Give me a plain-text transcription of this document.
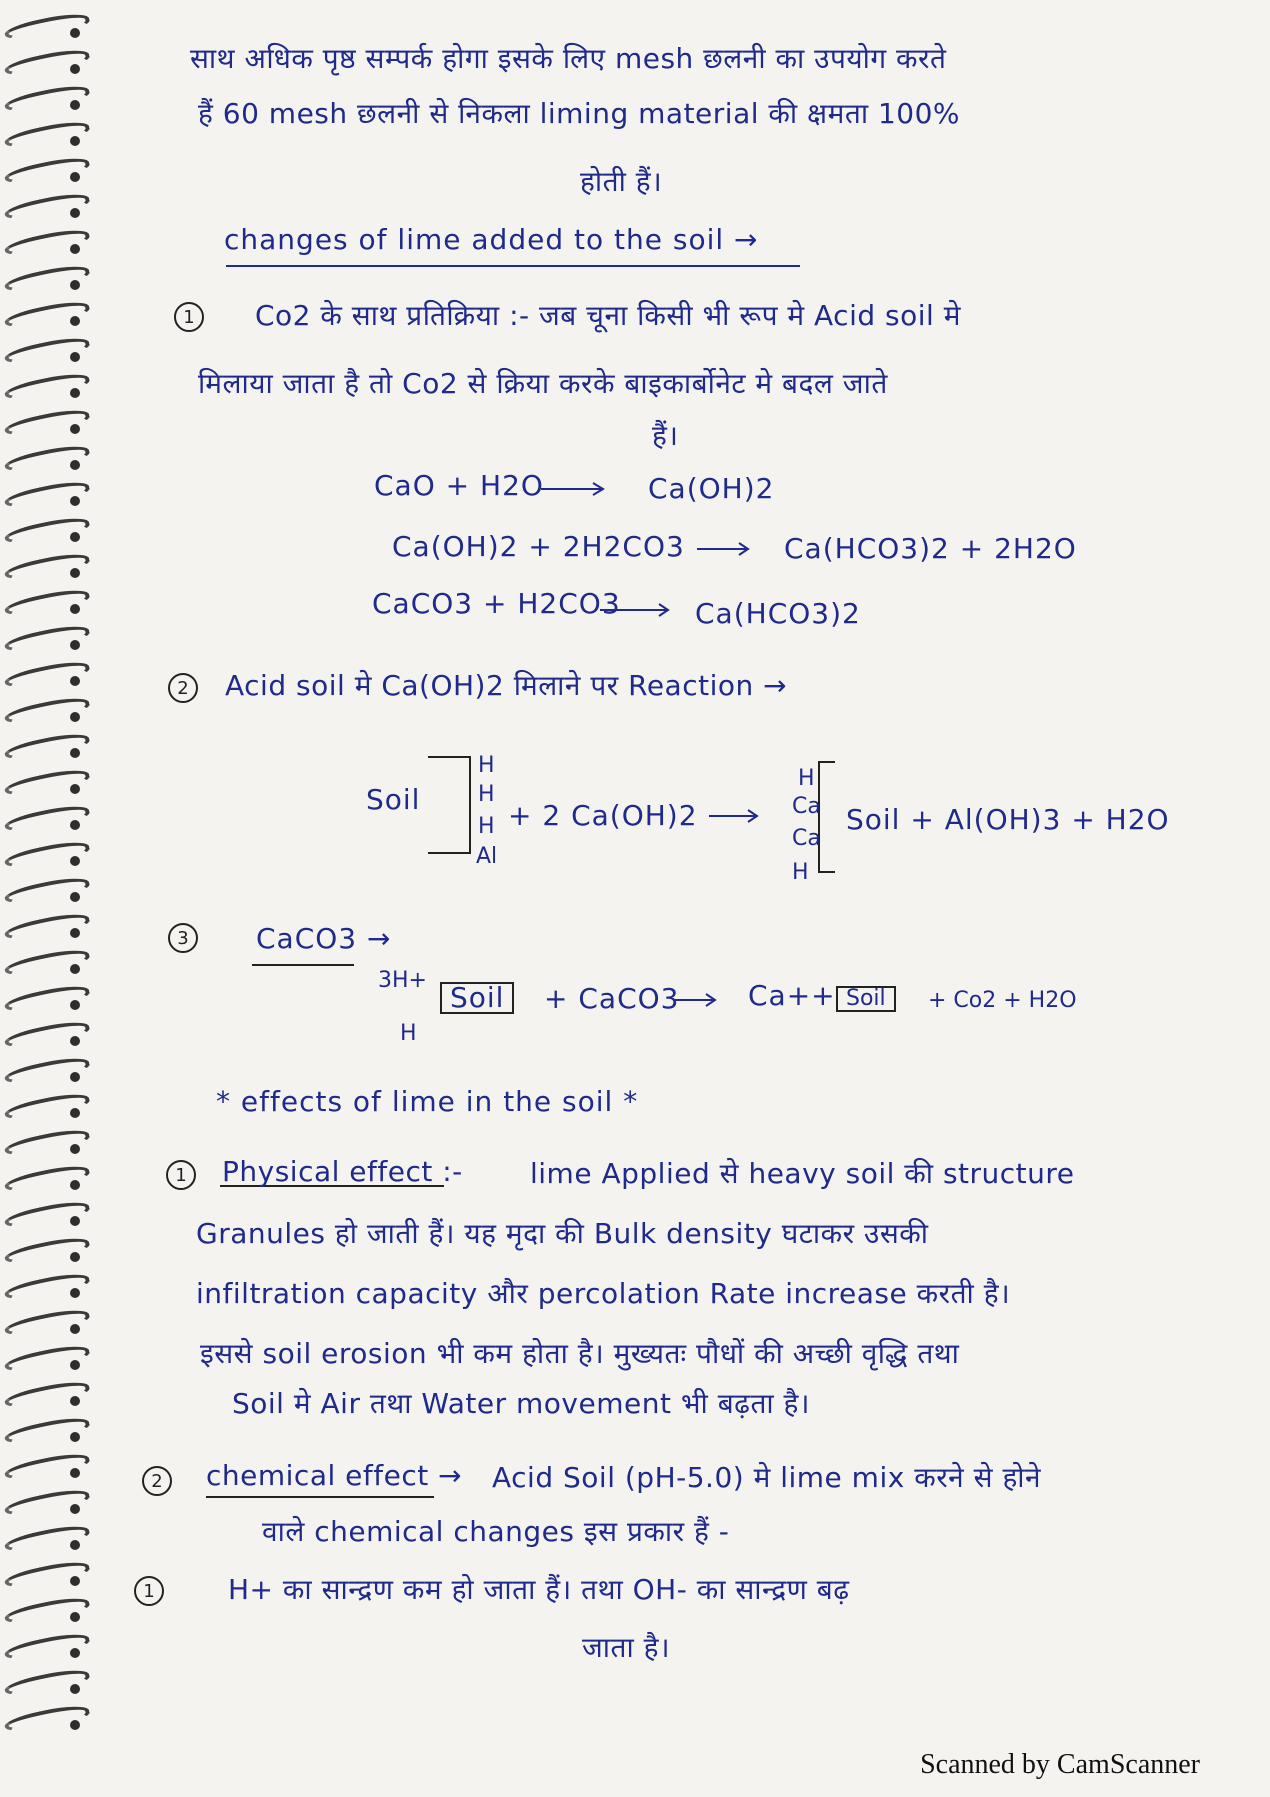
साथ अधिक पृष्ठ सम्पर्क होगा इसके लिए mesh छलनी का उपयोग करते
हैं 60 mesh छलनी से निकला liming material की क्षमता 100%
होती हैं।
changes of lime added to the soil →
1	Co2 के साथ प्रतिक्रिया :- जब चूना किसी भी रूप मे Acid soil मे
मिलाया जाता है तो Co2 से क्रिया करके बाइकार्बोनेट मे बदल जाते
हैं।
CaO + H2O	Ca(OH)2
Ca(OH)2 + 2H2CO3	Ca(HCO3)2 + 2H2O
CaCO3 + H2CO3	Ca(HCO3)2
2	Acid soil मे Ca(OH)2 मिलाने पर Reaction →
Soil
H
H
H
Al
+ 2 Ca(OH)2
H
Ca
Ca
H
Soil + Al(OH)3 + H2O
3	CaCO3 →
3H+
H
Soil	+ CaCO3 Ca++ Soil	+ Co2 + H2O
* effects of lime in the soil *
1	Physical effect :- lime Applied से heavy soil की structure
Granules हो जाती हैं। यह मृदा की Bulk density घटाकर उसकी
infiltration capacity और percolation Rate increase करती है।
इससे soil erosion भी कम होता है। मुख्यतः पौधों की अच्छी वृद्धि तथा
Soil मे Air तथा Water movement भी बढ़ता है।
2	chemical effect → Acid Soil (pH-5.0) मे lime mix करने से होने
वाले chemical changes इस प्रकार हैं -
1	H+ का सान्द्रण कम हो जाता हैं। तथा OH- का सान्द्रण बढ़
जाता है।
Scanned by CamScanner
